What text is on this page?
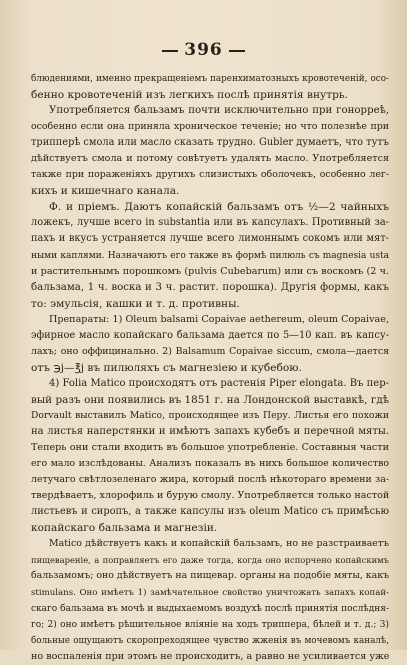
396
блюдениями, именно прекращеніемъ паренхиматозныхъ кровотеченій, осо-
бенно кровотеченій изъ легкихъ послѣ принятія внутрь.
Употребляется бальзамъ почти исключительно при гонорреѣ,
особенно если она приняла хроническое теченіе; но что полезнѣе при
трипперѣ смола или масло сказать трудно. Gubler думаетъ, что тутъ
дѣйствуетъ смола и потому совѣтуетъ удалять масло. Употребляется
также при пораженіяхъ другихъ слизистыхъ оболочекъ, особенно лег-
кихъ и кишечнаго канала.
Ф. и пріемъ. Даютъ копайскій бальзамъ отъ ½—2 чайныхъ
ложекъ, лучше всего in substantia или въ капсулахъ. Противный за-
пахъ и вкусъ устраняется лучше всего лимоннымъ сокомъ или мят-
ными каплями. Назначаютъ его также въ формѣ пилюль съ magnesia usta
и растительнымъ порошкомъ (pulvis Cubebarum) или съ воскомъ (2 ч.
бальзама, 1 ч. воска и 3 ч. растит. порошка). Другія формы, какъ
то: эмульсія, кашки и т. д. противны.
Препараты: 1) Oleum balsami Copaivae aethereum, oleum Copaivae,
эфирное масло копайскаго бальзама дается по 5—10 кап. въ капсу-
лахъ; оно оффицинально. 2) Balsamum Copaivae siccum, смола—дается
отъ ℈j—℥j въ пилюляхъ съ магнезіею и кубебою.
4) Folia Matico происходятъ отъ растенія Piper elongata. Въ пер-
вый разъ они появились въ 1851 г. на Лондонской выставкѣ, гдѣ
Dorvault выставилъ Matico, происходящее изъ Перу. Листья его похожи
на листья наперстянки и имѣютъ запахъ кубебъ и перечной мяты.
Теперь они стали входить въ большое употребленіе. Составныя части
его мало изслѣдованы. Анализъ показалъ въ нихъ большое количество
летучаго свѣтлозеленаго жира, который послѣ нѣкотораго времени за-
твердѣваетъ, хлорофиль и бурую смолу. Употребляется только настой
листьевъ и сиропъ, а также капсулы изъ oleum Matico съ примѣсью
копайскаго бальзама и магнезіи.
Matico дѣйствуетъ какъ и копайскій бальзамъ, но не разстраиваетъ
пищевареніе, а поправляетъ его даже тогда, когда оно испорчено копайскимъ
бальзамомъ; оно дѣйствуетъ на пищевар. органы на подобіе мяты, какъ
stimulans. Оно имѣетъ 1) замѣчательное свойство уничтожать запахъ копай-
скаго бальзама въ мочѣ и выдыхаемомъ воздухѣ послѣ принятія послѣдня-
го; 2) оно имѣетъ рѣшительное вліяніе на ходъ триппера, бѣлей и т. д.; 3)
больные ощущаютъ скоропреходящее чувство жженія въ мочевомъ каналѣ,
но воспаленія при этомъ не происходитъ, а равно не усиливается уже
